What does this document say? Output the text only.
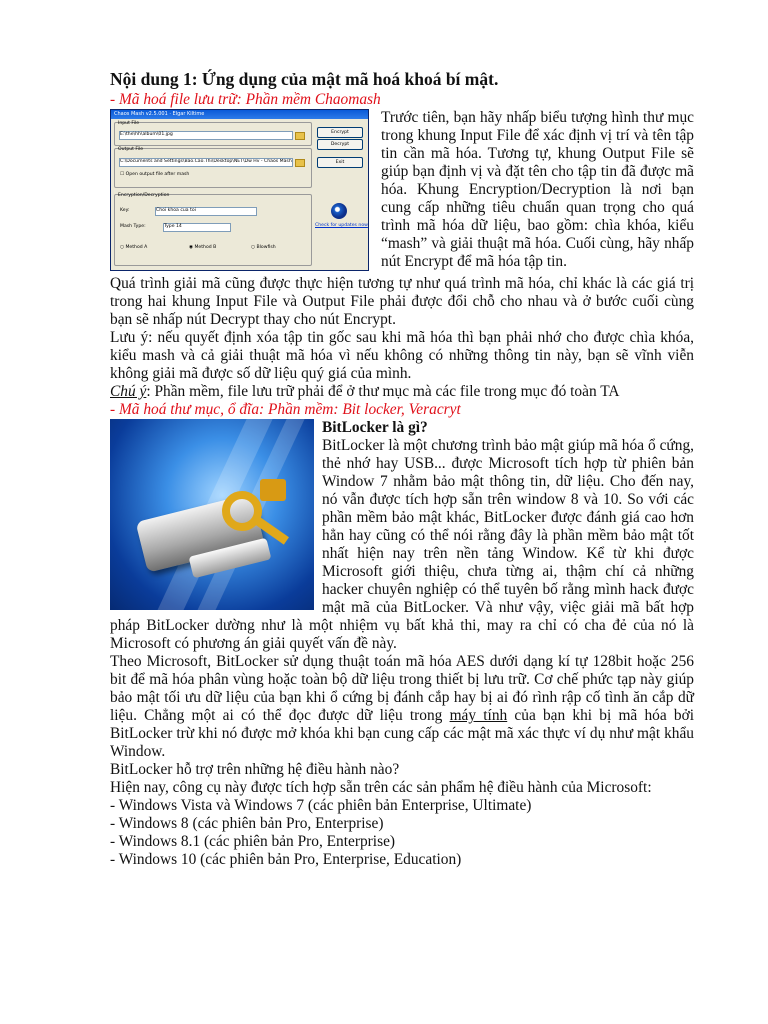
Nội dung 1: Ứng dụng của mật mã hoá khoá bí mật.
- Mã hoá file lưu trữ: Phần mềm Chaomash
Chaos Mash v2.5.001 · Elgar Kiltime
Input File
E:\the\hh\album\01.jpg
Output File
C:\Documents and Settings\Bao.Cao.Thi\Desktop\NET\Dw Hv - Chaos Mash
☐ Open output file after mash
Encryption/Decryption
Key:	Choi khoa cua toi
Mash Type:	Type 14
○ Method A	◉ Method B	○ Blowfish
Encrypt
Decrypt
Exit
Check for updates now

Trước tiên, bạn hãy nhấp biểu tượng hình thư mục trong khung Input File để xác định vị trí và tên tập tin cần mã hóa. Tương tự, khung Output File sẽ giúp bạn định vị và đặt tên cho tập tin đã được mã hóa. Khung Encryption/Decryption là nơi bạn cung cấp những tiêu chuẩn quan trọng cho quá trình mã hóa dữ liệu, bao gồm: chìa khóa, kiểu “mash” và giải thuật mã hóa. Cuối cùng, hãy nhấp nút Encrypt để mã hóa tập tin.

Quá trình giải mã cũng được thực hiện tương tự như quá trình mã hóa, chỉ khác là các giá trị trong hai khung Input File và Output File phải được đổi chỗ cho nhau và ở bước cuối cùng bạn sẽ nhấp nút Decrypt thay cho nút Encrypt.

Lưu ý: nếu quyết định xóa tập tin gốc sau khi mã hóa thì bạn phải nhớ cho được chìa khóa, kiểu mash và cả giải thuật mã hóa vì nếu không có những thông tin này, bạn sẽ vĩnh viễn không giải mã được số dữ liệu quý giá của mình.

Chú ý: Phần mềm, file lưu trữ phải để ở thư mục mà các file trong mục đó toàn TA
- Mã hoá thư mục, ổ đĩa: Phần mềm: Bit locker, Veracryt
BitLocker là gì?

BitLocker là một chương trình bảo mật giúp mã hóa ổ cứng, thẻ nhớ hay USB... được Microsoft tích hợp từ phiên bản Window 7 nhằm bảo mật thông tin, dữ liệu. Cho đến nay, nó vẫn được tích hợp sẵn trên window 8 và 10. So với các phần mềm bảo mật khác, BitLocker được đánh giá cao hơn hẳn hay cũng có thể nói rằng đây là phần mềm bảo mật tốt nhất hiện nay trên nền tảng Window. Kể từ khi được Microsoft giới thiệu, chưa từng ai, thậm chí cả những hacker chuyên nghiệp có thể tuyên bố rằng mình hack được mật mã của BitLocker. Và như vậy, việc giải mã bất hợp pháp BitLocker dường như là một nhiệm vụ bất khả thi, may ra chỉ có cha đẻ của nó là Microsoft có phương án giải quyết vấn đề này.

Theo Microsoft, BitLocker sử dụng thuật toán mã hóa AES dưới dạng kí tự 128bit hoặc 256 bit để mã hóa phân vùng hoặc toàn bộ dữ liệu trong thiết bị lưu trữ. Cơ chế phức tạp này giúp bảo mật tối ưu dữ liệu của bạn khi ổ cứng bị đánh cắp hay bị ai đó rình rập cố tình ăn cắp dữ liệu. Chẳng một ai có thể đọc được dữ liệu trong máy tính của bạn khi bị mã hóa bởi BitLocker trừ khi nó được mở khóa khi bạn cung cấp các mật mã xác thực ví dụ như mật khẩu Window.

BitLocker hỗ trợ trên những hệ điều hành nào?

Hiện nay, công cụ này được tích hợp sẵn trên các sản phẩm hệ điều hành của Microsoft:

- Windows Vista và Windows 7 (các phiên bản Enterprise, Ultimate)
- Windows 8 (các phiên bản Pro, Enterprise)
- Windows 8.1 (các phiên bản Pro, Enterprise)
- Windows 10 (các phiên bản Pro, Enterprise, Education)
